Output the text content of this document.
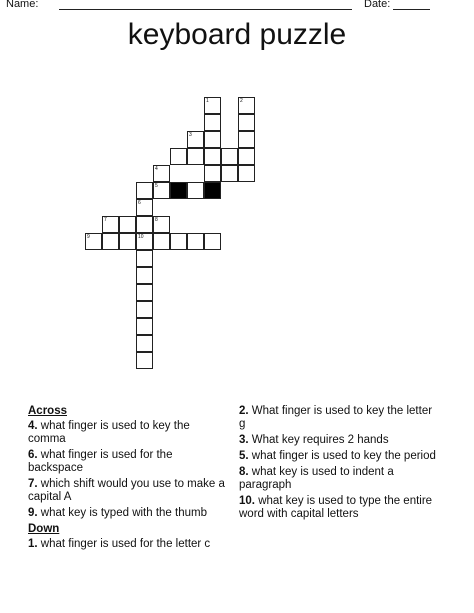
Name:	Date:
keyboard puzzle
1	2
3
4
5
6
7	8
9	10
Across
4. what finger is used to key the comma
6. what finger is used for the backspace
7. which shift would you use to make a capital A
9. what key is typed with the thumb
Down
1. what finger is used for the letter c
2. What finger is used to key the letter g
3. What key requires 2 hands
5. what finger is used to key the period
8. what key is used to indent a paragraph
10. what key is used to type the entire word with capital letters
